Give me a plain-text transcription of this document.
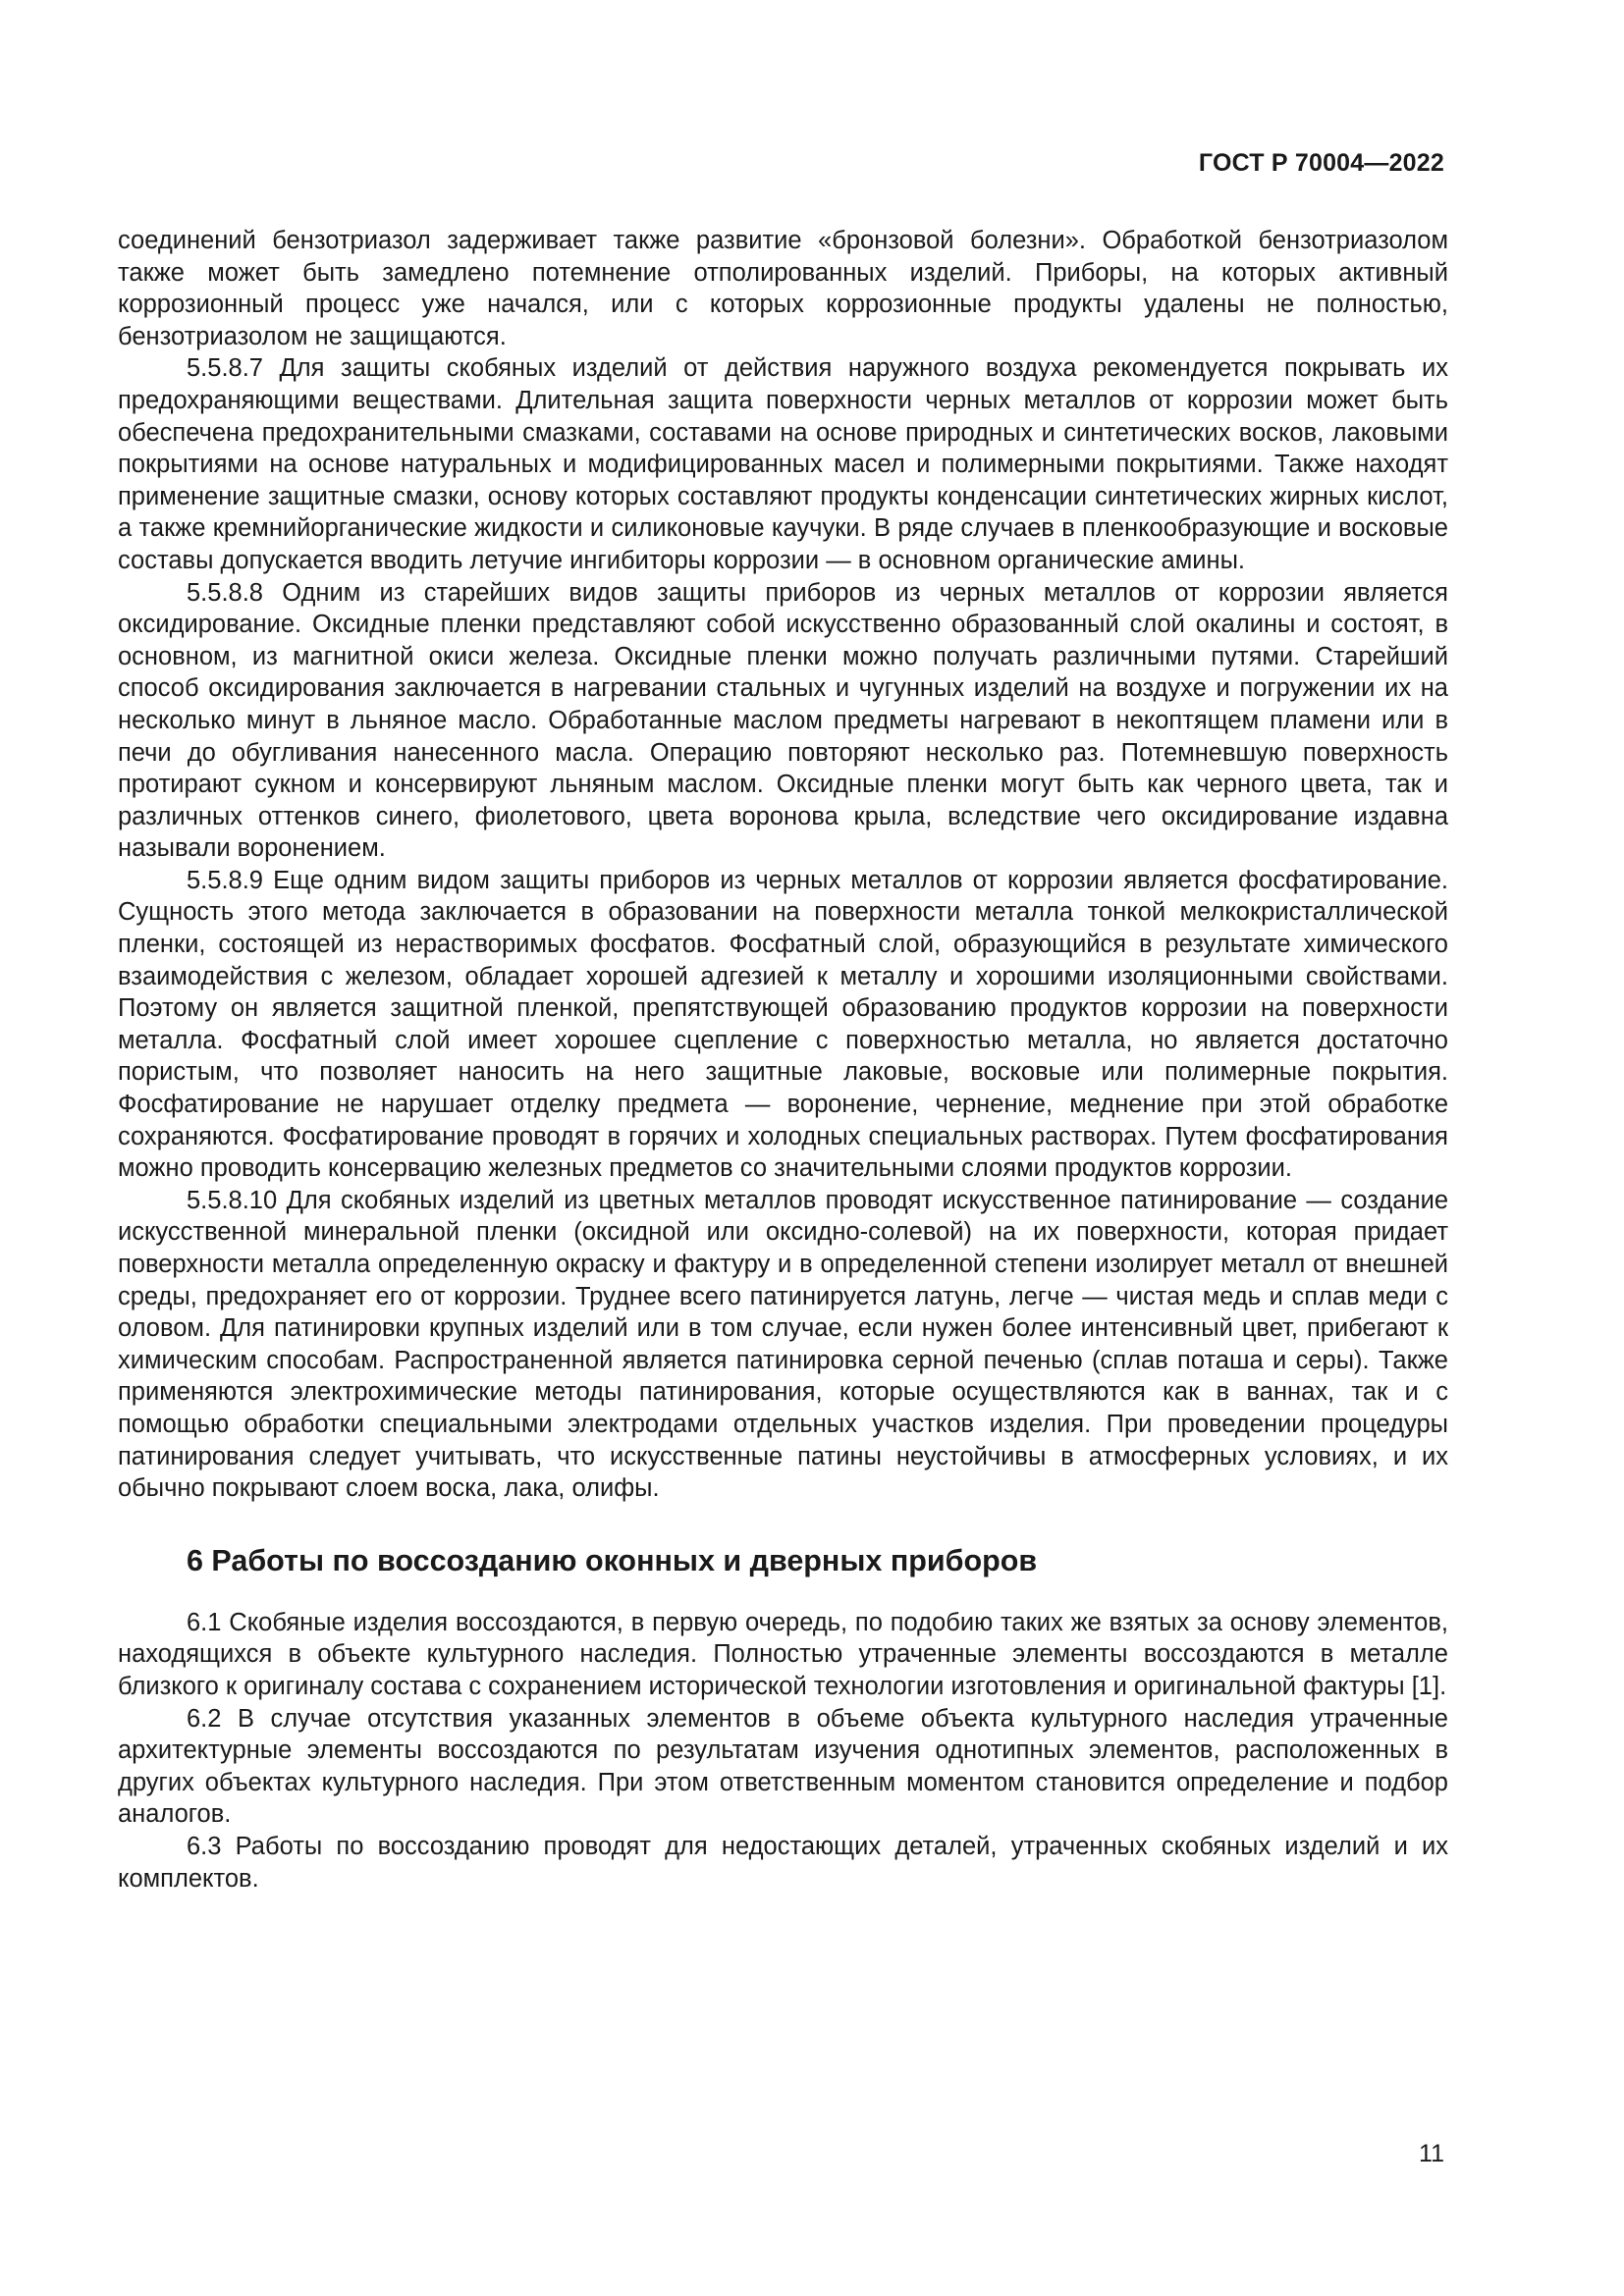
ГОСТ Р 70004—2022

соединений бензотриазол задерживает также развитие «бронзовой болезни». Обработкой бензотриазолом также может быть замедлено потемнение отполированных изделий. Приборы, на которых активный коррозионный процесс уже начался, или с которых коррозионные продукты удалены не полностью, бензотриазолом не защищаются.

5.5.8.7 Для защиты скобяных изделий от действия наружного воздуха рекомендуется покрывать их предохраняющими веществами. Длительная защита поверхности черных металлов от коррозии может быть обеспечена предохранительными смазками, составами на основе природных и синтетических восков, лаковыми покрытиями на основе натуральных и модифицированных масел и полимерными покрытиями. Также находят применение защитные смазки, основу которых составляют продукты конденсации синтетических жирных кислот, а также кремнийорганические жидкости и силиконовые каучуки. В ряде случаев в пленкообразующие и восковые составы допускается вводить летучие ингибиторы коррозии — в основном органические амины.

5.5.8.8 Одним из старейших видов защиты приборов из черных металлов от коррозии является оксидирование. Оксидные пленки представляют собой искусственно образованный слой окалины и состоят, в основном, из магнитной окиси железа. Оксидные пленки можно получать различными путями. Старейший способ оксидирования заключается в нагревании стальных и чугунных изделий на воздухе и погружении их на несколько минут в льняное масло. Обработанные маслом предметы нагревают в некоптящем пламени или в печи до обугливания нанесенного масла. Операцию повторяют несколько раз. Потемневшую поверхность протирают сукном и консервируют льняным маслом. Оксидные пленки могут быть как черного цвета, так и различных оттенков синего, фиолетового, цвета воронова крыла, вследствие чего оксидирование издавна называли воронением.

5.5.8.9 Еще одним видом защиты приборов из черных металлов от коррозии является фосфатирование. Сущность этого метода заключается в образовании на поверхности металла тонкой мелкокристаллической пленки, состоящей из нерастворимых фосфатов. Фосфатный слой, образующийся в результате химического взаимодействия с железом, обладает хорошей адгезией к металлу и хорошими изоляционными свойствами. Поэтому он является защитной пленкой, препятствующей образованию продуктов коррозии на поверхности металла. Фосфатный слой имеет хорошее сцепление с поверхностью металла, но является достаточно пористым, что позволяет наносить на него защитные лаковые, восковые или полимерные покрытия. Фосфатирование не нарушает отделку предмета — воронение, чернение, меднение при этой обработке сохраняются. Фосфатирование проводят в горячих и холодных специальных растворах. Путем фосфатирования можно проводить консервацию железных предметов со значительными слоями продуктов коррозии.

5.5.8.10 Для скобяных изделий из цветных металлов проводят искусственное патинирование — создание искусственной минеральной пленки (оксидной или оксидно-солевой) на их поверхности, которая придает поверхности металла определенную окраску и фактуру и в определенной степени изолирует металл от внешней среды, предохраняет его от коррозии. Труднее всего патинируется латунь, легче — чистая медь и сплав меди с оловом. Для патинировки крупных изделий или в том случае, если нужен более интенсивный цвет, прибегают к химическим способам. Распространенной является патинировка серной печенью (сплав поташа и серы). Также применяются электрохимические методы патинирования, которые осуществляются как в ваннах, так и с помощью обработки специальными электродами отдельных участков изделия. При проведении процедуры патинирования следует учитывать, что искусственные патины неустойчивы в атмосферных условиях, и их обычно покрывают слоем воска, лака, олифы.

6 Работы по воссозданию оконных и дверных приборов

6.1 Скобяные изделия воссоздаются, в первую очередь, по подобию таких же взятых за основу элементов, находящихся в объекте культурного наследия. Полностью утраченные элементы воссоздаются в металле близкого к оригиналу состава с сохранением исторической технологии изготовления и оригинальной фактуры [1].

6.2 В случае отсутствия указанных элементов в объеме объекта культурного наследия утраченные архитектурные элементы воссоздаются по результатам изучения однотипных элементов, расположенных в других объектах культурного наследия. При этом ответственным моментом становится определение и подбор аналогов.

6.3 Работы по воссозданию проводят для недостающих деталей, утраченных скобяных изделий и их комплектов.

11
